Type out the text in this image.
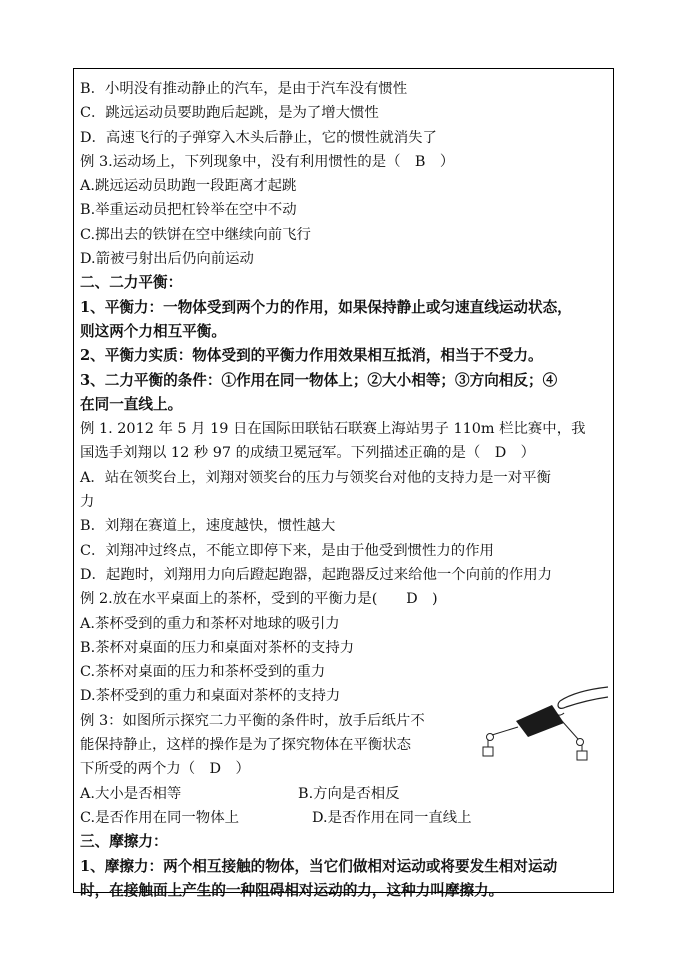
B．小明没有推动静止的汽车，是由于汽车没有惯性
C．跳远运动员要助跑后起跳，是为了增大惯性
D．高速飞行的子弹穿入木头后静止，它的惯性就消失了
例 3.运动场上，下列现象中，没有利用惯性的是（　B　）
A.跳远运动员助跑一段距离才起跳
B.举重运动员把杠铃举在空中不动
C.掷出去的铁饼在空中继续向前飞行
D.箭被弓射出后仍向前运动
二、二力平衡：
1、平衡力：一物体受到两个力的作用，如果保持静止或匀速直线运动状态，
则这两个力相互平衡。
2、平衡力实质：物体受到的平衡力作用效果相互抵消，相当于不受力。
3、二力平衡的条件：①作用在同一物体上；②大小相等；③方向相反；④
在同一直线上。
例 1. 2012 年 5 月 19 日在国际田联钻石联赛上海站男子 110m 栏比赛中，我
国选手刘翔以 12 秒 97 的成绩卫冕冠军。下列描述正确的是（　D　）
A．站在领奖台上，刘翔对领奖台的压力与领奖台对他的支持力是一对平衡
力
B．刘翔在赛道上，速度越快，惯性越大
C．刘翔冲过终点，不能立即停下来，是由于他受到惯性力的作用
D．起跑时，刘翔用力向后蹬起跑器，起跑器反过来给他一个向前的作用力
例 2.放在水平桌面上的茶杯，受到的平衡力是(　　D　)
A.茶杯受到的重力和茶杯对地球的吸引力
B.茶杯对桌面的压力和桌面对茶杯的支持力
C.茶杯对桌面的压力和茶杯受到的重力
D.茶杯受到的重力和桌面对茶杯的支持力
例 3：如图所示探究二力平衡的条件时，放手后纸片不
能保持静止，这样的操作是为了探究物体在平衡状态
下所受的两个力（　D　）
A.大小是否相等	B.方向是否相反
C.是否作用在同一物体上	D.是否作用在同一直线上
三、摩擦力：
1、摩擦力：两个相互接触的物体，当它们做相对运动或将要发生相对运动
时，在接触面上产生的一种阻碍相对运动的力，这种力叫摩擦力。
